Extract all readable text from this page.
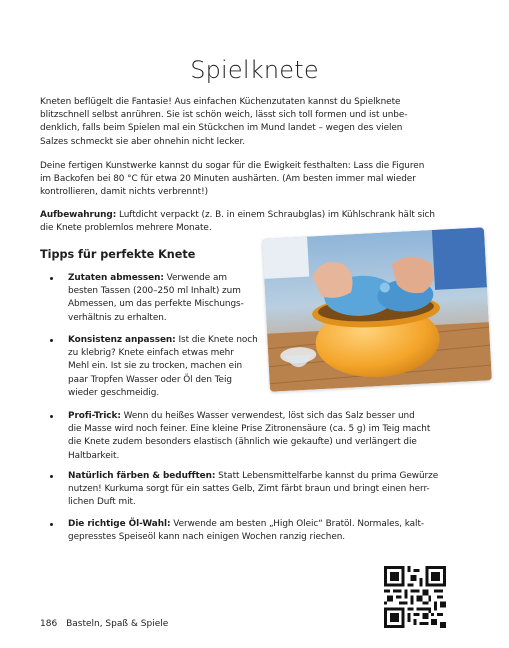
Spielknete
Kneten beflügelt die Fantasie! Aus einfachen Küchenzutaten kannst du Spielknete
blitzschnell selbst anrühren. Sie ist schön weich, lässt sich toll formen und ist unbe-
denklich, falls beim Spielen mal ein Stückchen im Mund landet – wegen des vielen
Salzes schmeckt sie aber ohnehin nicht lecker.
Deine fertigen Kunstwerke kannst du sogar für die Ewigkeit festhalten: Lass die Figuren
im Backofen bei 80 °C für etwa 20 Minuten aushärten. (Am besten immer mal wieder
kontrollieren, damit nichts verbrennt!)
Aufbewahrung: Luftdicht verpackt (z. B. in einem Schraubglas) im Kühlschrank hält sich
die Knete problemlos mehrere Monate.
Tipps für perfekte Knete
Zutaten abmessen: Verwende am
besten Tassen (200–250 ml Inhalt) zum
Abmessen, um das perfekte Mischungs-
verhältnis zu erhalten.
Konsistenz anpassen: Ist die Knete noch
zu klebrig? Knete einfach etwas mehr
Mehl ein. Ist sie zu trocken, machen ein
paar Tropfen Wasser oder Öl den Teig
wieder geschmeidig.
Profi-Trick: Wenn du heißes Wasser verwendest, löst sich das Salz besser und
die Masse wird noch feiner. Eine kleine Prise Zitronensäure (ca. 5 g) im Teig macht
die Knete zudem besonders elastisch (ähnlich wie gekaufte) und verlängert die
Haltbarkeit.
Natürlich färben & bedufften: Statt Lebensmittelfarbe kannst du prima Gewürze
nutzen! Kurkuma sorgt für ein sattes Gelb, Zimt färbt braun und bringt einen herr-
lichen Duft mit.
Die richtige Öl-Wahl: Verwende am besten „High Oleic“ Bratöl. Normales, kalt-
gepresstes Speiseöl kann nach einigen Wochen ranzig riechen.
186 Basteln, Spaß & Spiele
